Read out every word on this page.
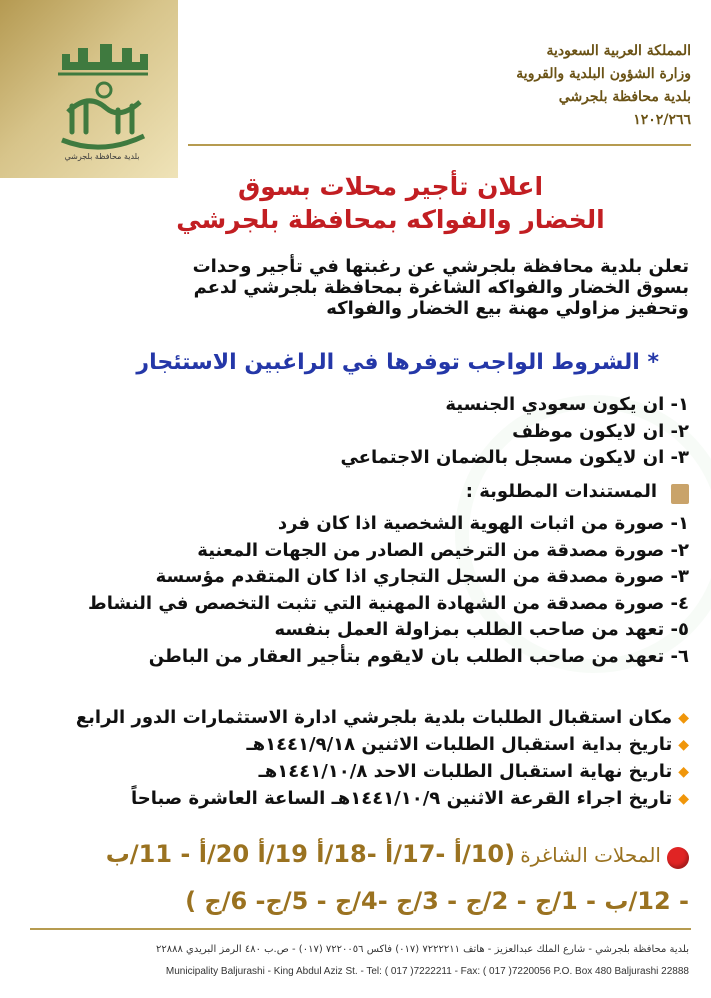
بلدية محافظة بلجرشي
المملكة العربية السعودية
وزارة الشؤون البلدية والقروية
بلدية محافظة بلجرشي
١٢٠٢/٢٦٦
اعلان تأجير محلات بسوق
الخضار والفواكه بمحافظة بلجرشي
تعلن بلدية محافظة بلجرشي عن رغبتها في تأجير وحدات
بسوق الخضار والفواكه الشاغرة بمحافظة بلجرشي لدعم
وتحفيز مزاولي مهنة بيع الخضار والفواكه
* الشروط الواجب توفرها في الراغبين الاستئجار
١- ان يكون سعودي الجنسية
٢- ان لايكون موظف
٣- ان لايكون مسجل بالضمان الاجتماعي
المستندات المطلوبة :
١- صورة من اثبات الهوية الشخصية اذا كان فرد
٢- صورة مصدقة من الترخيص الصادر من الجهات المعنية
٣- صورة مصدقة من السجل التجاري اذا كان المتقدم مؤسسة
٤- صورة مصدقة من الشهادة المهنية التي تثبت التخصص في النشاط
٥- تعهد من صاحب الطلب بمزاولة العمل بنفسه
٦- تعهد من صاحب الطلب بان لايقوم بتأجير العقار من الباطن
◆مكان استقبال الطلبات بلدية بلجرشي ادارة الاستثمارات الدور الرابع
◆تاريخ بداية استقبال الطلبات الاثنين ١٤٤١/٩/١٨هـ
◆تاريخ نهاية استقبال الطلبات الاحد ١٤٤١/١٠/٨هـ
◆تاريخ اجراء القرعة الاثنين ١٤٤١/١٠/٩هـ الساعة العاشرة صباحاً
المحلات الشاغرة (10/أ -17/أ -18/أ 19/أ 20/أ - 11/ب
- 12/ب - 1/ج - 2/ج - 3/ج -4/ج - 5/ج- 6/ج )
بلدية محافظة بلجرشي - شارع الملك عبدالعزيز - هاتف ٧٢٢٢٢١١ (٠١٧) فاكس ٧٢٢٠٠٥٦ (٠١٧) - ص.ب ٤٨٠ الرمز البريدي ٢٢٨٨٨
Municipality Baljurashi - King Abdul Aziz St. - Tel: ( 017 )7222211 - Fax: ( 017 )7220056 P.O. Box 480 Baljurashi 22888
